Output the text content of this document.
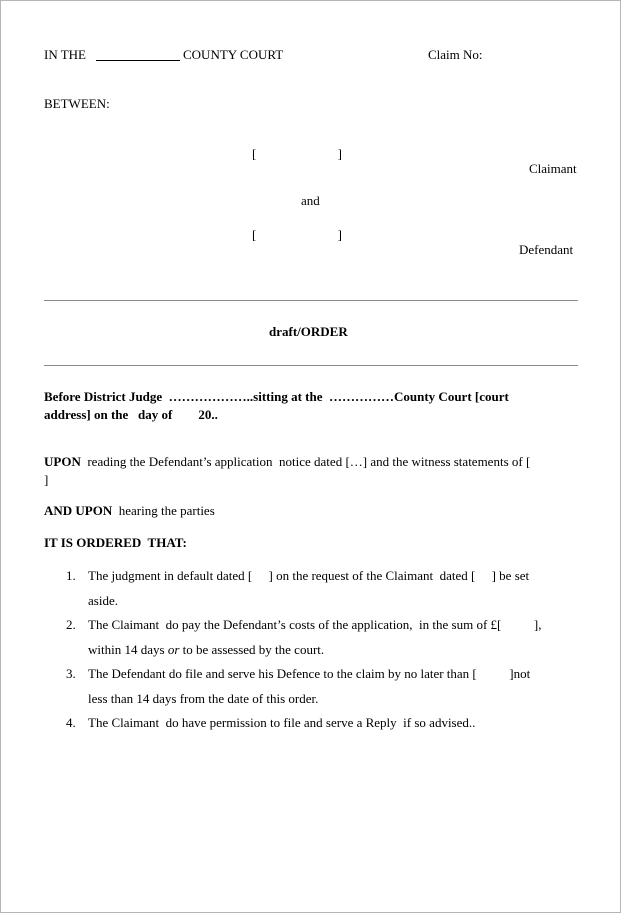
IN THE	COUNTY COURT	Claim No:
BETWEEN:
[                         ]
Claimant
and
[                         ]
Defendant
draft/ORDER
Before District Judge  ………………..sitting at the  ……………County Court [court
address] on the   day of        20..
UPON  reading the Defendant’s application  notice dated […] and the witness statements of [
]
AND UPON  hearing the parties
IT IS ORDERED  THAT:
1. The judgment in default dated [     ] on the request of the Claimant  dated [     ] be set
aside.
2. The Claimant  do pay the Defendant’s costs of the application,  in the sum of £[          ],
within 14 days or to be assessed by the court.
3. The Defendant do file and serve his Defence to the claim by no later than [          ]not
less than 14 days from the date of this order.
4. The Claimant  do have permission to file and serve a Reply  if so advised..
